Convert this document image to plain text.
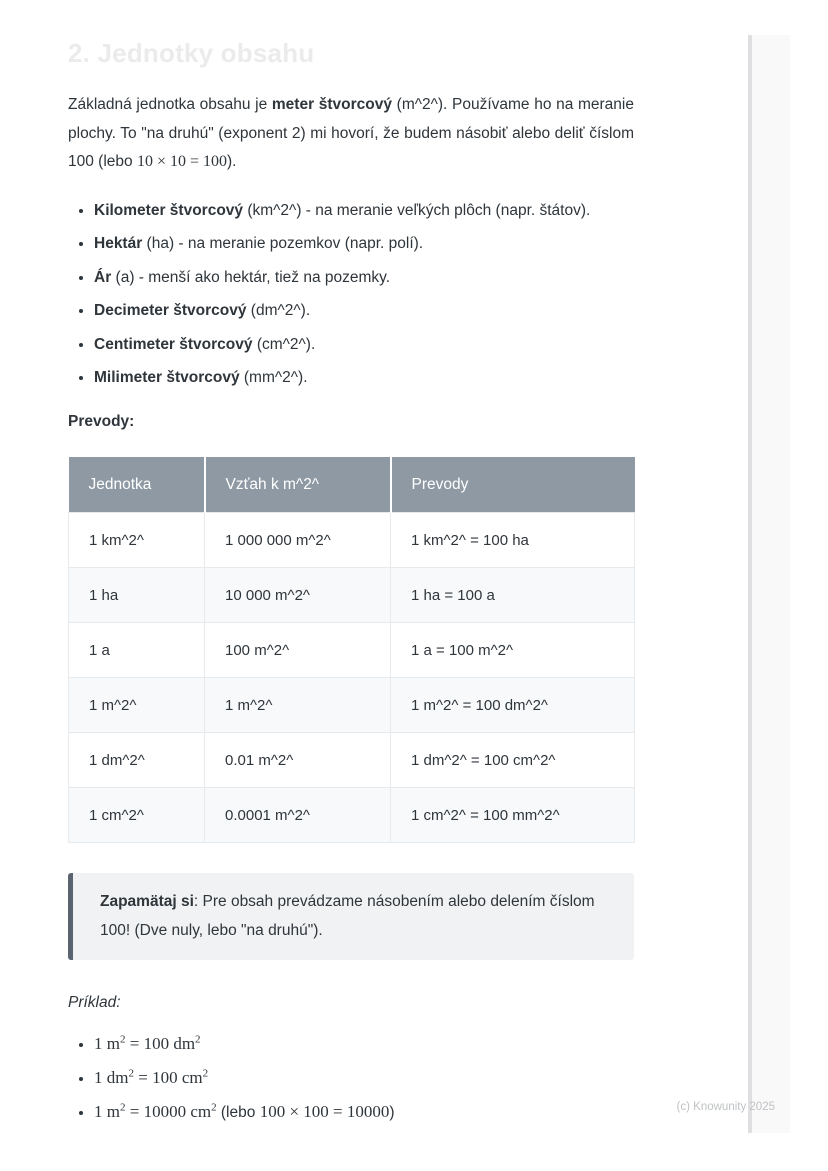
2. Jednotky obsahu

Základná jednotka obsahu je meter štvorcový (m^2^). Používame ho na meranie plochy. To "na druhú" (exponent 2) mi hovorí, že budem násobiť alebo deliť číslom 100 (lebo 10 × 10 = 100).

• Kilometer štvorcový (km^2^) - na meranie veľkých plôch (napr. štátov).
• Hektár (ha) - na meranie pozemkov (napr. polí).
• Ár (a) - menší ako hektár, tiež na pozemky.
• Decimeter štvorcový (dm^2^).
• Centimeter štvorcový (cm^2^).
• Milimeter štvorcový (mm^2^).

Prevody:

Jednotka	Vzťah k m^2^	Prevody
1 km^2^	1 000 000 m^2^	1 km^2^ = 100 ha
1 ha	10 000 m^2^	1 ha = 100 a
1 a	100 m^2^	1 a = 100 m^2^
1 m^2^	1 m^2^	1 m^2^ = 100 dm^2^
1 dm^2^	0.01 m^2^	1 dm^2^ = 100 cm^2^
1 cm^2^	0.0001 m^2^	1 cm^2^ = 100 mm^2^
Zapamätaj si: Pre obsah prevádzame násobením alebo delením číslom 100! (Dve nuly, lebo "na druhú").

Príklad:

• 1 $m^2 = 100$ $dm^2$
• 1 $dm^2 = 100$ $cm^2$
• 1 $m^2 = 10000$ $cm^2$ (lebo 100 × 100 = 10000)	(c) Knowunity 2025
